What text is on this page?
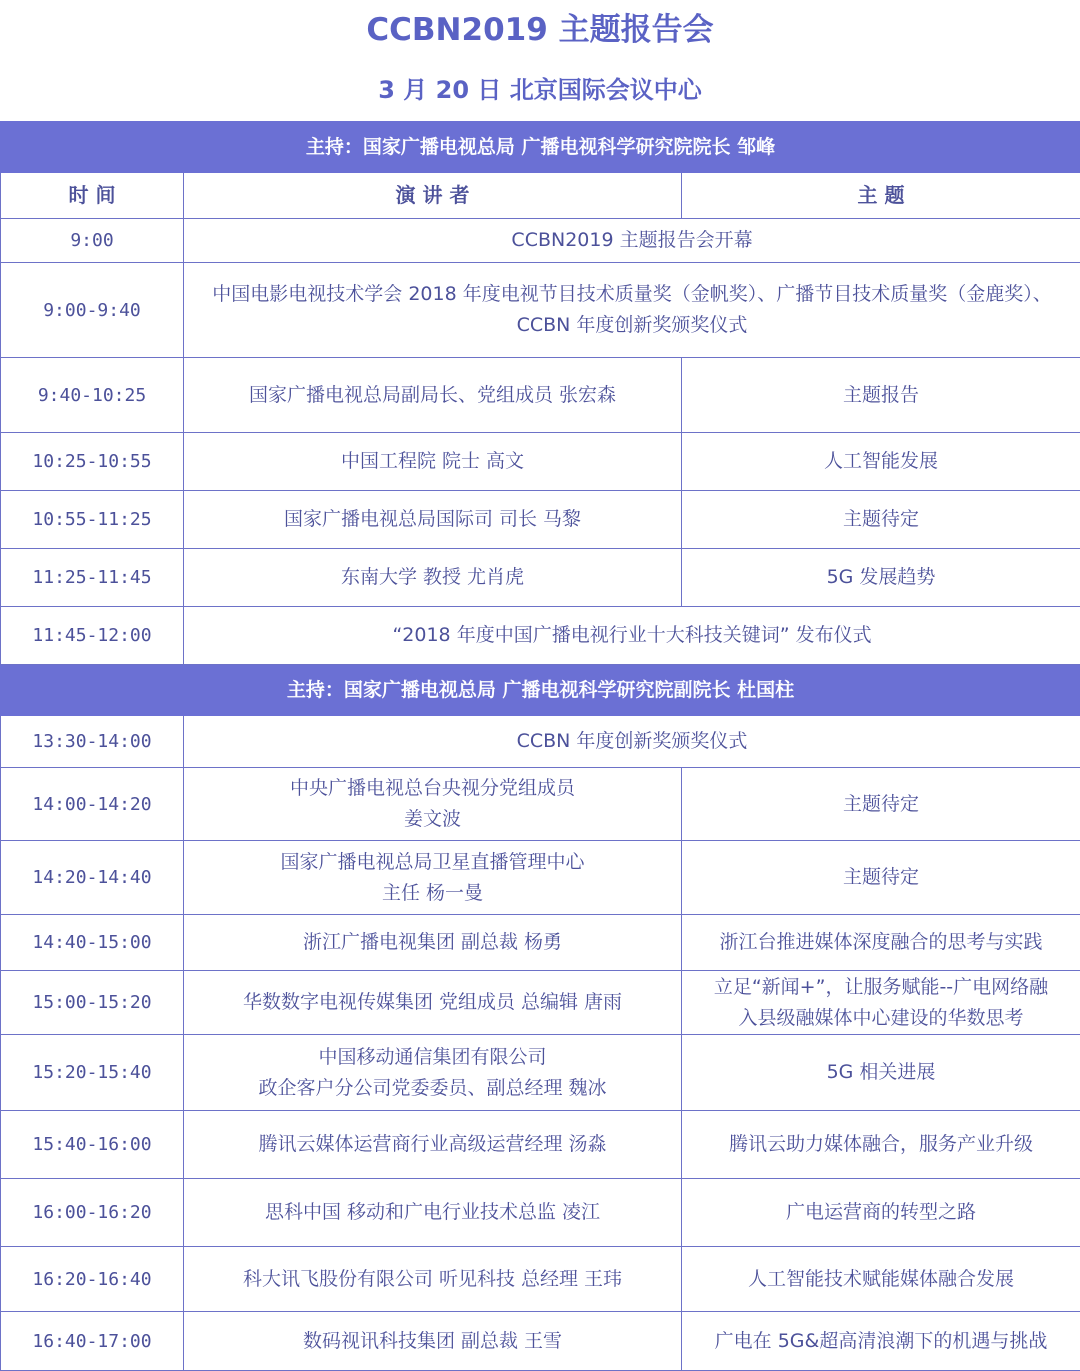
CCBN2019 主题报告会
3 月 20 日 北京国际会议中心
主持：国家广播电视总局 广播电视科学研究院院长 邹峰		
时 间	演 讲 者	主 题
9:00	CCBN2019 主题报告会开幕	
9:00-9:40	中国电影电视技术学会 2018 年度电视节目技术质量奖（金帆奖）、广播节目技术质量奖（金鹿奖）、
CCBN 年度创新奖颁奖仪式	

9:40-10:25	国家广播电视总局副局长、党组成员 张宏森	主题报告
10:25-10:55	中国工程院 院士 高文	人工智能发展
10:55-11:25	国家广播电视总局国际司 司长 马黎	主题待定
11:25-11:45	东南大学 教授 尤肖虎	5G 发展趋势
11:45-12:00	“2018 年度中国广播电视行业十大科技关键词” 发布仪式	
主持：国家广播电视总局 广播电视科学研究院副院长 杜国柱		
13:30-14:00	CCBN 年度创新奖颁奖仪式	
14:00-14:20	中央广播电视总台央视分党组成员
姜文波	主题待定
14:20-14:40	国家广播电视总局卫星直播管理中心
主任 杨一曼	主题待定
14:40-15:00	浙江广播电视集团 副总裁 杨勇	浙江台推进媒体深度融合的思考与实践
15:00-15:20	华数数字电视传媒集团 党组成员 总编辑 唐雨	立足“新闻+”，让服务赋能--广电网络融
入县级融媒体中心建设的华数思考

15:20-15:40	中国移动通信集团有限公司
政企客户分公司党委委员、副总经理 魏冰	5G 相关进展
15:40-16:00	腾讯云媒体运营商行业高级运营经理 汤淼	腾讯云助力媒体融合，服务产业升级
16:00-16:20	思科中国 移动和广电行业技术总监 凌江	广电运营商的转型之路
16:20-16:40	科大讯飞股份有限公司 听见科技 总经理 王玮	人工智能技术赋能媒体融合发展
16:40-17:00	数码视讯科技集团 副总裁 王雪	广电在 5G&超高清浪潮下的机遇与挑战
